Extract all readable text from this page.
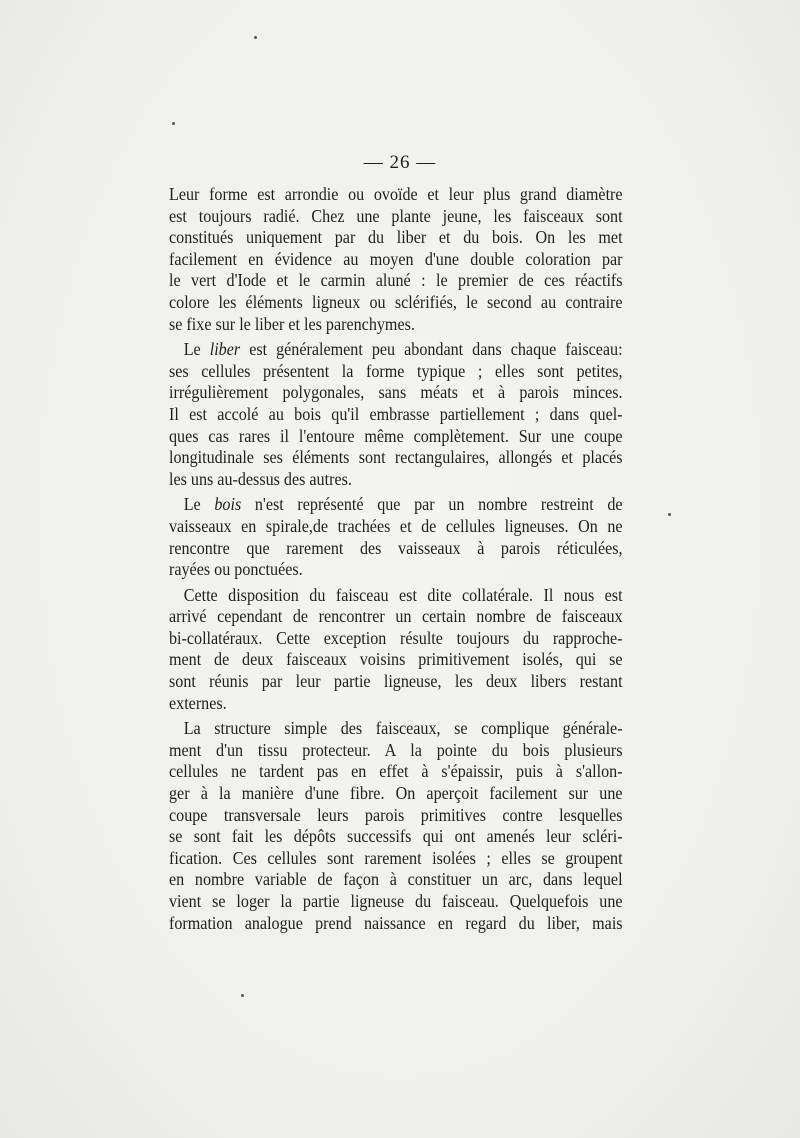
— 26 —
Leur forme est arrondie ou ovoïde et leur plus grand diamètre
est toujours radié. Chez une plante jeune, les faisceaux sont
constitués uniquement par du liber et du bois. On les met
facilement en évidence au moyen d'une double coloration par
le vert d'Iode et le carmin aluné : le premier de ces réactifs
colore les éléments ligneux ou sclérifiés, le second au contraire
se fixe sur le liber et les parenchymes.
Le liber est généralement peu abondant dans chaque faisceau:
ses cellules présentent la forme typique ; elles sont petites,
irrégulièrement polygonales, sans méats et à parois minces.
Il est accolé au bois qu'il embrasse partiellement ; dans quel-
ques cas rares il l'entoure même complètement. Sur une coupe
longitudinale ses éléments sont rectangulaires, allongés et placés
les uns au-dessus des autres.
Le bois n'est représenté que par un nombre restreint de
vaisseaux en spirale,de trachées et de cellules ligneuses. On ne
rencontre que rarement des vaisseaux à parois réticulées,
rayées ou ponctuées.
Cette disposition du faisceau est dite collatérale. Il nous est
arrivé cependant de rencontrer un certain nombre de faisceaux
bi-collatéraux. Cette exception résulte toujours du rapproche-
ment de deux faisceaux voisins primitivement isolés, qui se
sont réunis par leur partie ligneuse, les deux libers restant
externes.
La structure simple des faisceaux, se complique générale-
ment d'un tissu protecteur. A la pointe du bois plusieurs
cellules ne tardent pas en effet à s'épaissir, puis à s'allon-
ger à la manière d'une fibre. On aperçoit facilement sur une
coupe transversale leurs parois primitives contre lesquelles
se sont fait les dépôts successifs qui ont amenés leur scléri-
fication. Ces cellules sont rarement isolées ; elles se groupent
en nombre variable de façon à constituer un arc, dans lequel
vient se loger la partie ligneuse du faisceau. Quelquefois une
formation analogue prend naissance en regard du liber, mais
